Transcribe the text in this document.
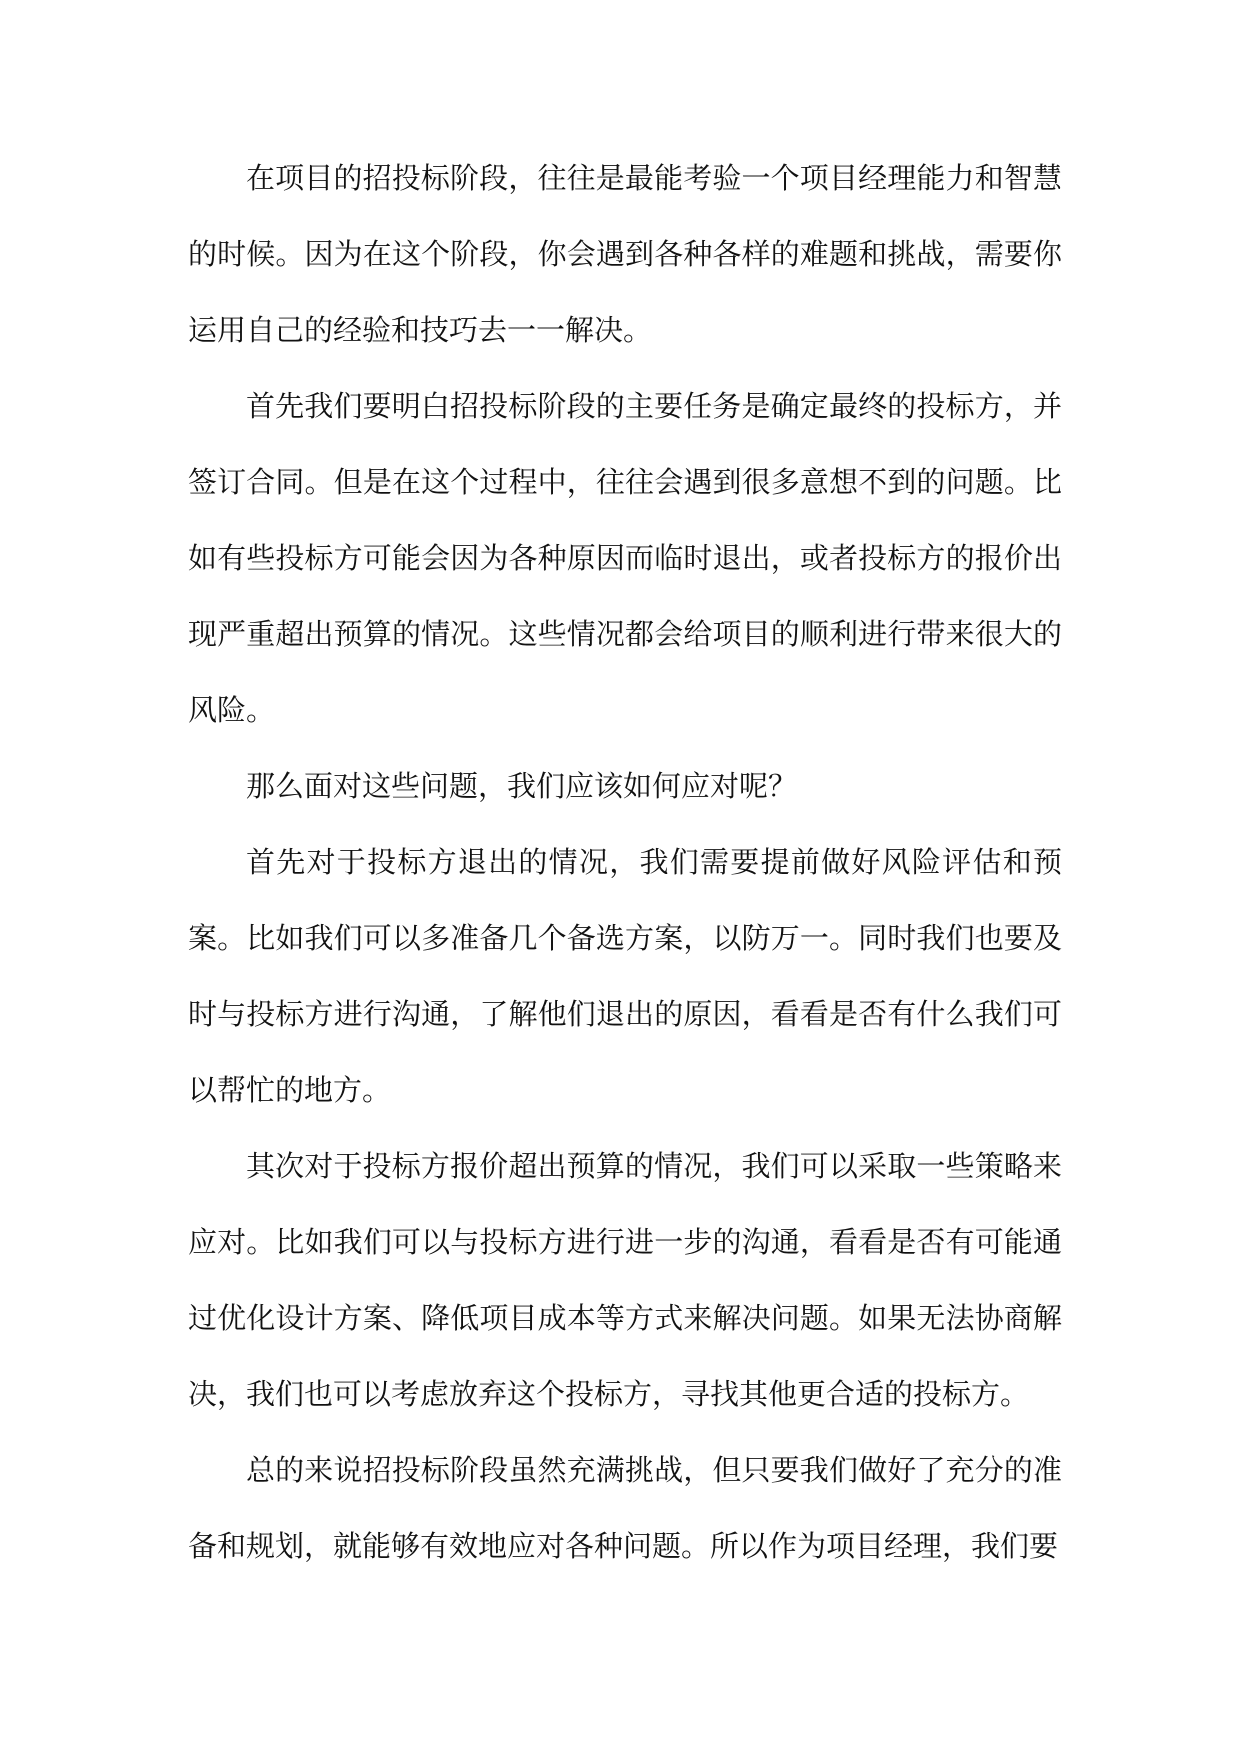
在项目的招投标阶段，往往是最能考验一个项目经理能力和智慧的时候。因为在这个阶段，你会遇到各种各样的难题和挑战，需要你运用自己的经验和技巧去一一解决。

首先我们要明白招投标阶段的主要任务是确定最终的投标方，并签订合同。但是在这个过程中，往往会遇到很多意想不到的问题。比如有些投标方可能会因为各种原因而临时退出，或者投标方的报价出现严重超出预算的情况。这些情况都会给项目的顺利进行带来很大的风险。

那么面对这些问题，我们应该如何应对呢？

首先对于投标方退出的情况，我们需要提前做好风险评估和预案。比如我们可以多准备几个备选方案，以防万一。同时我们也要及时与投标方进行沟通，了解他们退出的原因，看看是否有什么我们可以帮忙的地方。

其次对于投标方报价超出预算的情况，我们可以采取一些策略来应对。比如我们可以与投标方进行进一步的沟通，看看是否有可能通过优化设计方案、降低项目成本等方式来解决问题。如果无法协商解决，我们也可以考虑放弃这个投标方，寻找其他更合适的投标方。

总的来说招投标阶段虽然充满挑战，但只要我们做好了充分的准备和规划，就能够有效地应对各种问题。所以作为项目经理，我们要
